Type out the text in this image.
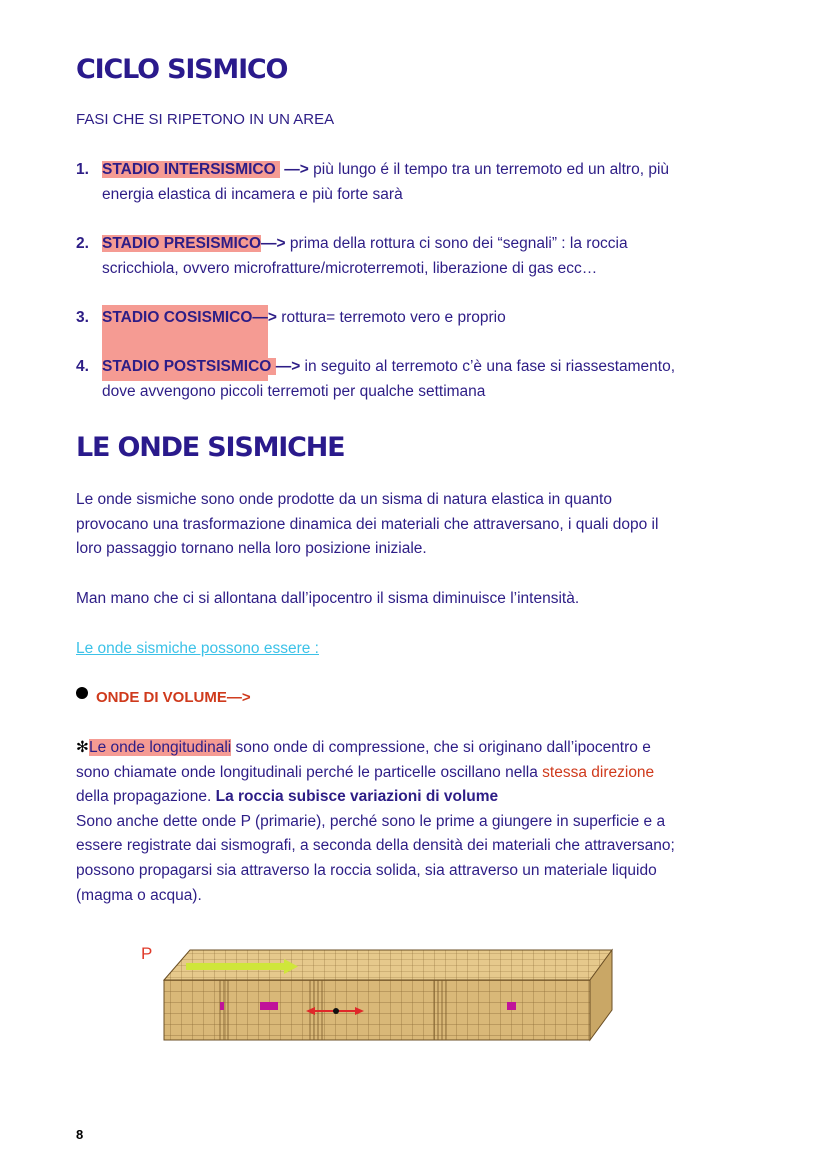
CICLO SISMICO
FASI CHE SI RIPETONO IN UN AREA
1. STADIO INTERSISMICO —> più lungo é il tempo tra un terremoto ed un altro, più
energia elastica di incamera e più forte sarà
2. STADIO PRESISMICO—> prima della rottura ci sono dei “segnali” : la roccia
scricchiola, ovvero microfratture/microterremoti, liberazione di gas ecc…
3. STADIO COSISMICO—> rottura= terremoto vero e proprio
4. STADIO POSTSISMICO —> in seguito al terremoto c’è una fase si riassestamento,
dove avvengono piccoli terremoti per qualche settimana
LE ONDE SISMICHE
Le onde sismiche sono onde prodotte da un sisma di natura elastica in quanto
provocano una trasformazione dinamica dei materiali che attraversano, i quali dopo il
loro passaggio tornano nella loro posizione iniziale.
Man mano che ci si allontana dall’ipocentro il sisma diminuisce l’intensità.
Le onde sismiche possono essere :
ONDE DI VOLUME—>
✻Le onde longitudinali sono onde di compressione, che si originano dall’ipocentro e
sono chiamate onde longitudinali perché le particelle oscillano nella stessa direzione
della propagazione. La roccia subisce variazioni di volume
Sono anche dette onde P (primarie), perché sono le prime a giungere in superficie e a
essere registrate dai sismografi, a seconda della densità dei materiali che attraversano;
possono propagarsi sia attraverso la roccia solida, sia attraverso un materiale liquido
(magma o acqua).
P
8
